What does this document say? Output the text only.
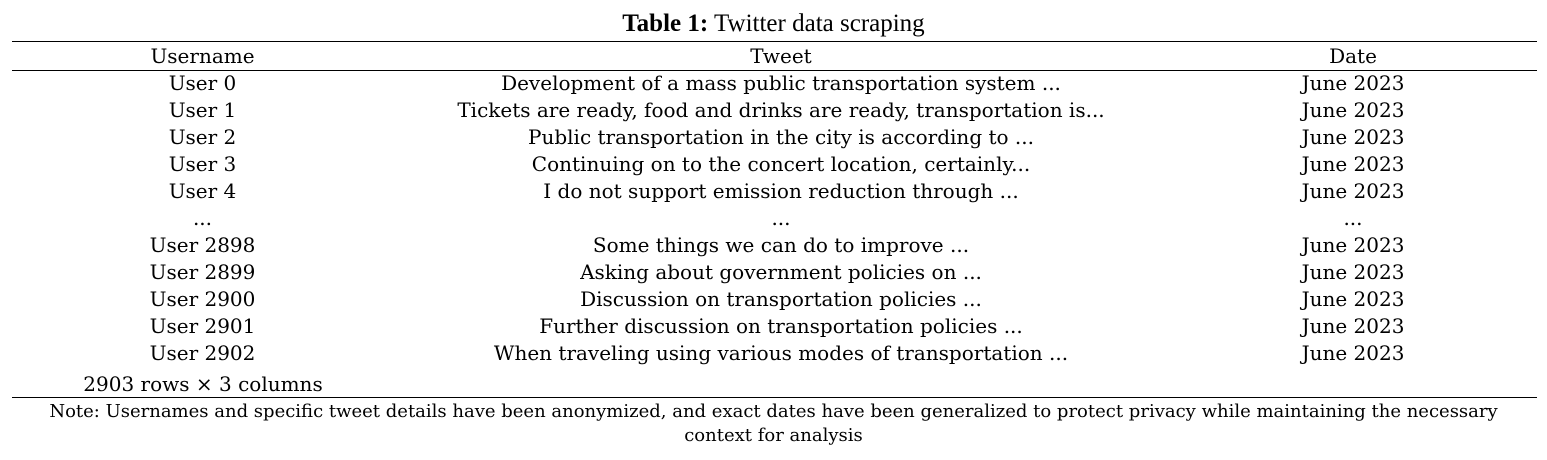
Table 1: Twitter data scraping
Username	Tweet	Date
User 0	Development of a mass public transportation system ...	June 2023
User 1	Tickets are ready, food and drinks are ready, transportation is...	June 2023
User 2	Public transportation in the city is according to ...	June 2023
User 3	Continuing on to the concert location, certainly...	June 2023
User 4	I do not support emission reduction through ...	June 2023
...	...	...
User 2898	Some things we can do to improve ...	June 2023
User 2899	Asking about government policies on ...	June 2023
User 2900	Discussion on transportation policies ...	June 2023
User 2901	Further discussion on transportation policies ...	June 2023
User 2902	When traveling using various modes of transportation ...	June 2023
2903 rows × 3 columns
Note: Usernames and specific tweet details have been anonymized, and exact dates have been generalized to protect privacy while maintaining the necessary context for analysis
